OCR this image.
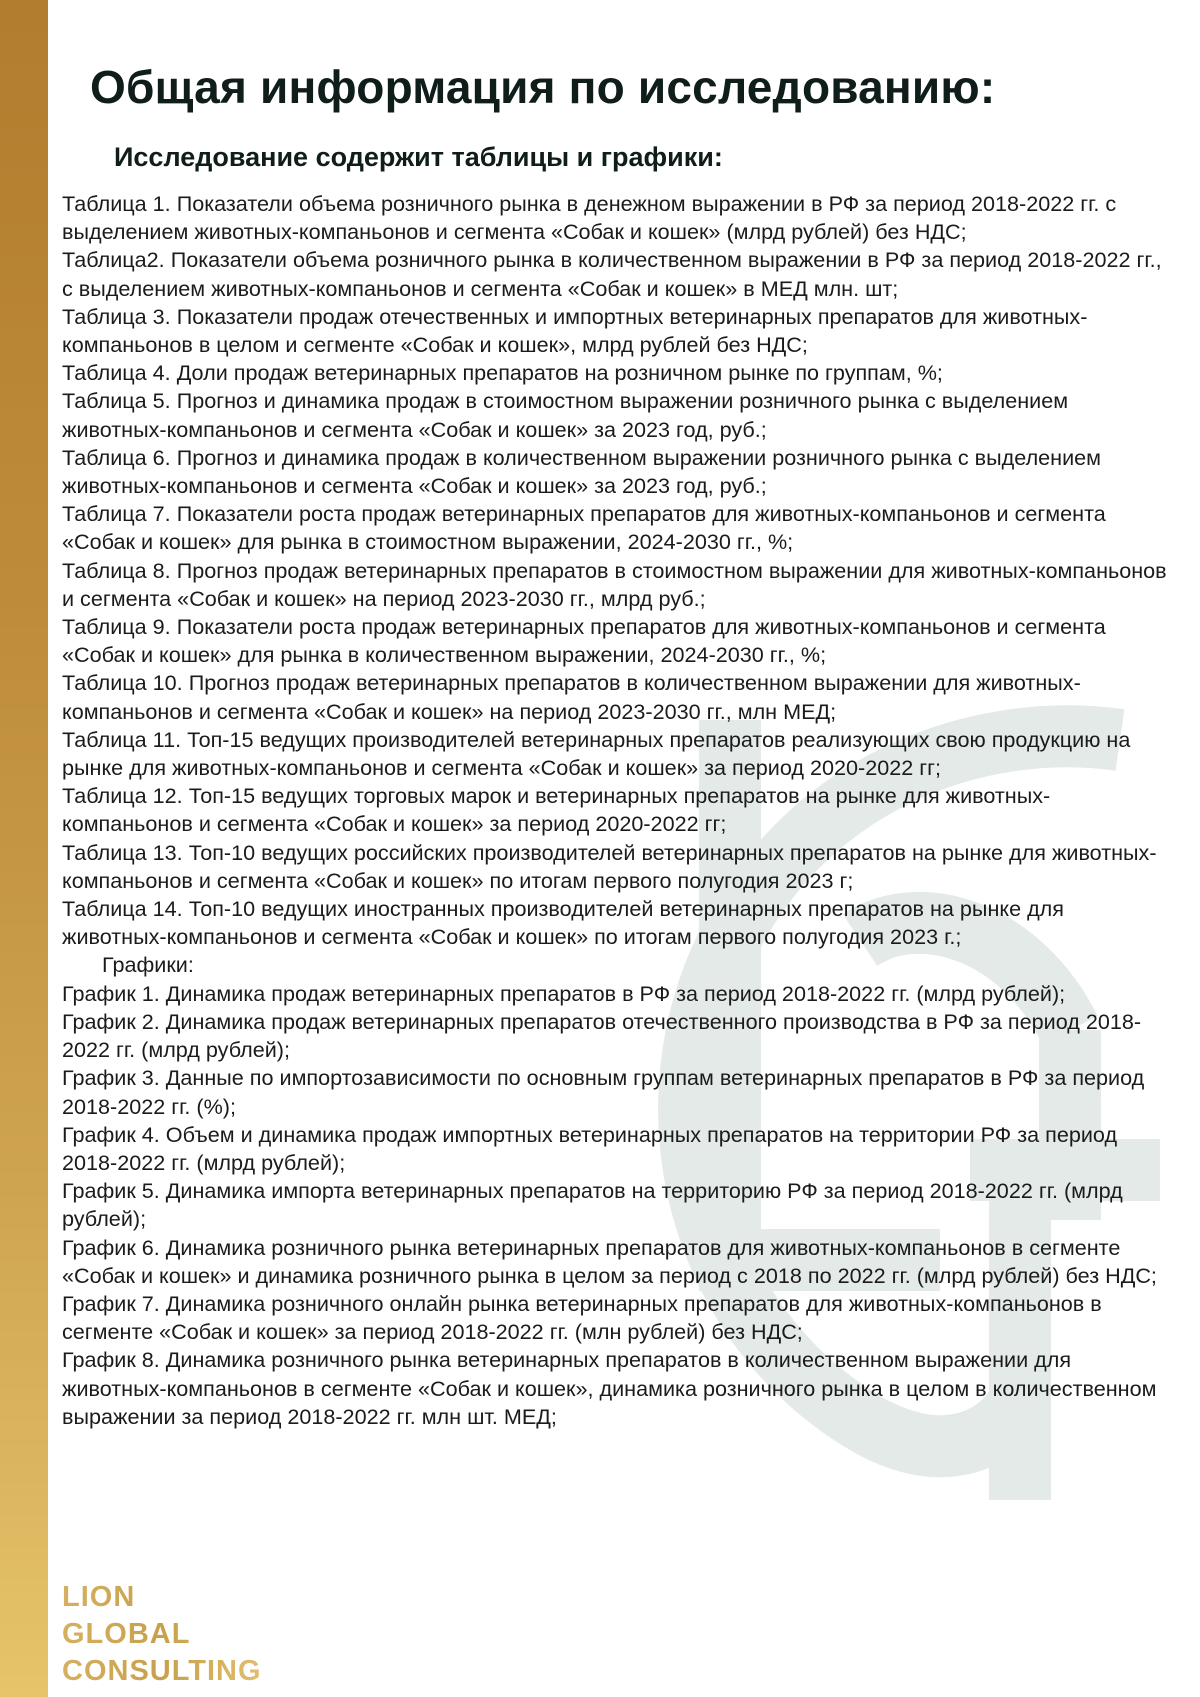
Общая информация по исследованию:
Исследование содержит таблицы и графики:

Таблица 1. Показатели объема розничного рынка в денежном выражении в РФ за период 2018-2022 гг. с выделением животных-компаньонов и сегмента «Собак и кошек» (млрд рублей) без НДС;

Таблица2. Показатели объема розничного рынка в количественном выражении в РФ за период 2018-2022 гг., с выделением животных-компаньонов и сегмента «Собак и кошек» в МЕД млн. шт;

Таблица 3. Показатели продаж отечественных и импортных ветеринарных препаратов для животных-компаньонов в целом и сегменте «Собак и кошек», млрд рублей без НДС;

Таблица 4. Доли продаж ветеринарных препаратов на розничном рынке по группам, %;

Таблица 5. Прогноз и динамика продаж в стоимостном выражении розничного рынка с выделением животных-компаньонов и сегмента «Собак и кошек» за 2023 год, руб.;

Таблица 6. Прогноз и динамика продаж в количественном выражении розничного рынка с выделением животных-компаньонов и сегмента «Собак и кошек» за 2023 год, руб.;

Таблица 7. Показатели роста продаж ветеринарных препаратов для животных-компаньонов и сегмента «Собак и кошек» для рынка в стоимостном выражении, 2024-2030 гг., %;

Таблица 8. Прогноз продаж ветеринарных препаратов в стоимостном выражении для животных-компаньонов и сегмента «Собак и кошек» на период 2023-2030 гг., млрд руб.;

Таблица 9. Показатели роста продаж ветеринарных препаратов для животных-компаньонов и сегмента «Собак и кошек» для рынка в количественном выражении, 2024-2030 гг., %;

Таблица 10. Прогноз продаж ветеринарных препаратов в количественном выражении для животных-компаньонов и сегмента «Собак и кошек» на период 2023-2030 гг., млн МЕД;

Таблица 11. Топ-15 ведущих производителей ветеринарных препаратов реализующих свою продукцию на рынке для животных-компаньонов и сегмента «Собак и кошек» за период 2020-2022 гг;

Таблица 12. Топ-15 ведущих торговых марок и ветеринарных препаратов на рынке для животных-компаньонов и сегмента «Собак и кошек» за период 2020-2022 гг;

Таблица 13. Топ-10 ведущих российских производителей ветеринарных препаратов на рынке для животных-компаньонов и сегмента «Собак и кошек» по итогам первого полугодия 2023 г;

Таблица 14. Топ-10 ведущих иностранных производителей ветеринарных препаратов на рынке для животных-компаньонов и сегмента «Собак и кошек» по итогам первого полугодия 2023 г.;

Графики:

График 1. Динамика продаж ветеринарных препаратов в РФ за период 2018-2022 гг. (млрд рублей);

График 2. Динамика продаж ветеринарных препаратов отечественного производства в РФ за период 2018-2022 гг. (млрд рублей);

График 3. Данные по импортозависимости по основным группам ветеринарных препаратов в РФ за период 2018-2022 гг. (%);

График 4. Объем и динамика продаж импортных ветеринарных препаратов на территории РФ за период 2018-2022 гг. (млрд рублей);

График 5. Динамика импорта ветеринарных препаратов на территорию РФ за период 2018-2022 гг. (млрд рублей);

График 6. Динамика розничного рынка ветеринарных препаратов для животных-компаньонов в сегменте «Собак и кошек» и динамика розничного рынка в целом за период с 2018 по 2022 гг. (млрд рублей) без НДС;

График 7. Динамика розничного онлайн рынка ветеринарных препаратов для животных-компаньонов в сегменте «Собак и кошек» за период 2018-2022 гг. (млн рублей) без НДС;

График 8. Динамика розничного рынка ветеринарных препаратов в количественном выражении для животных-компаньонов в сегменте «Собак и кошек», динамика розничного рынка в целом в количественном выражении за период 2018-2022 гг. млн шт. МЕД;

LION
GLOBAL
CONSULTING
